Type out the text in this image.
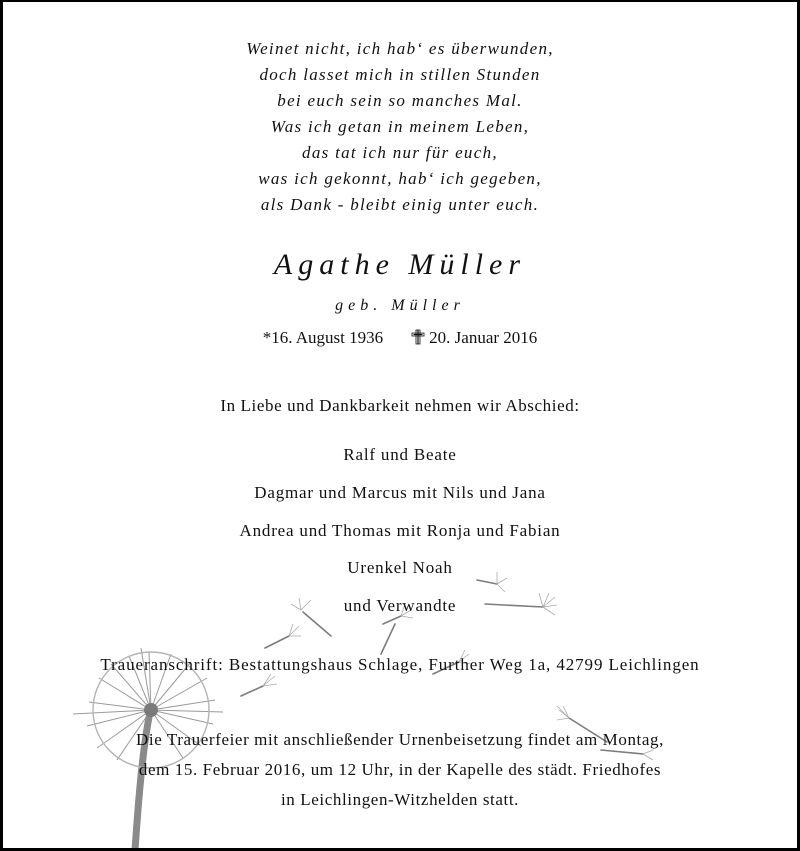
Weinet nicht, ich hab‘ es überwunden,
doch lasset mich in stillen Stunden
bei euch sein so manches Mal.
Was ich getan in meinem Leben,
das tat ich nur für euch,
was ich gekonnt, hab‘ ich gegeben,
als Dank - bleibt einig unter euch.
Agathe Müller
geb. Müller
*16. August 1936	20. Januar 2016
In Liebe und Dankbarkeit nehmen wir Abschied:
Ralf und Beate
Dagmar und Marcus mit Nils und Jana
Andrea und Thomas mit Ronja und Fabian
Urenkel Noah
und Verwandte
Traueranschrift: Bestattungshaus Schlage, Further Weg 1a, 42799 Leichlingen
Die Trauerfeier mit anschließender Urnenbeisetzung findet am Montag,
dem 15. Februar 2016, um 12 Uhr, in der Kapelle des städt. Friedhofes
in Leichlingen-Witzhelden statt.
